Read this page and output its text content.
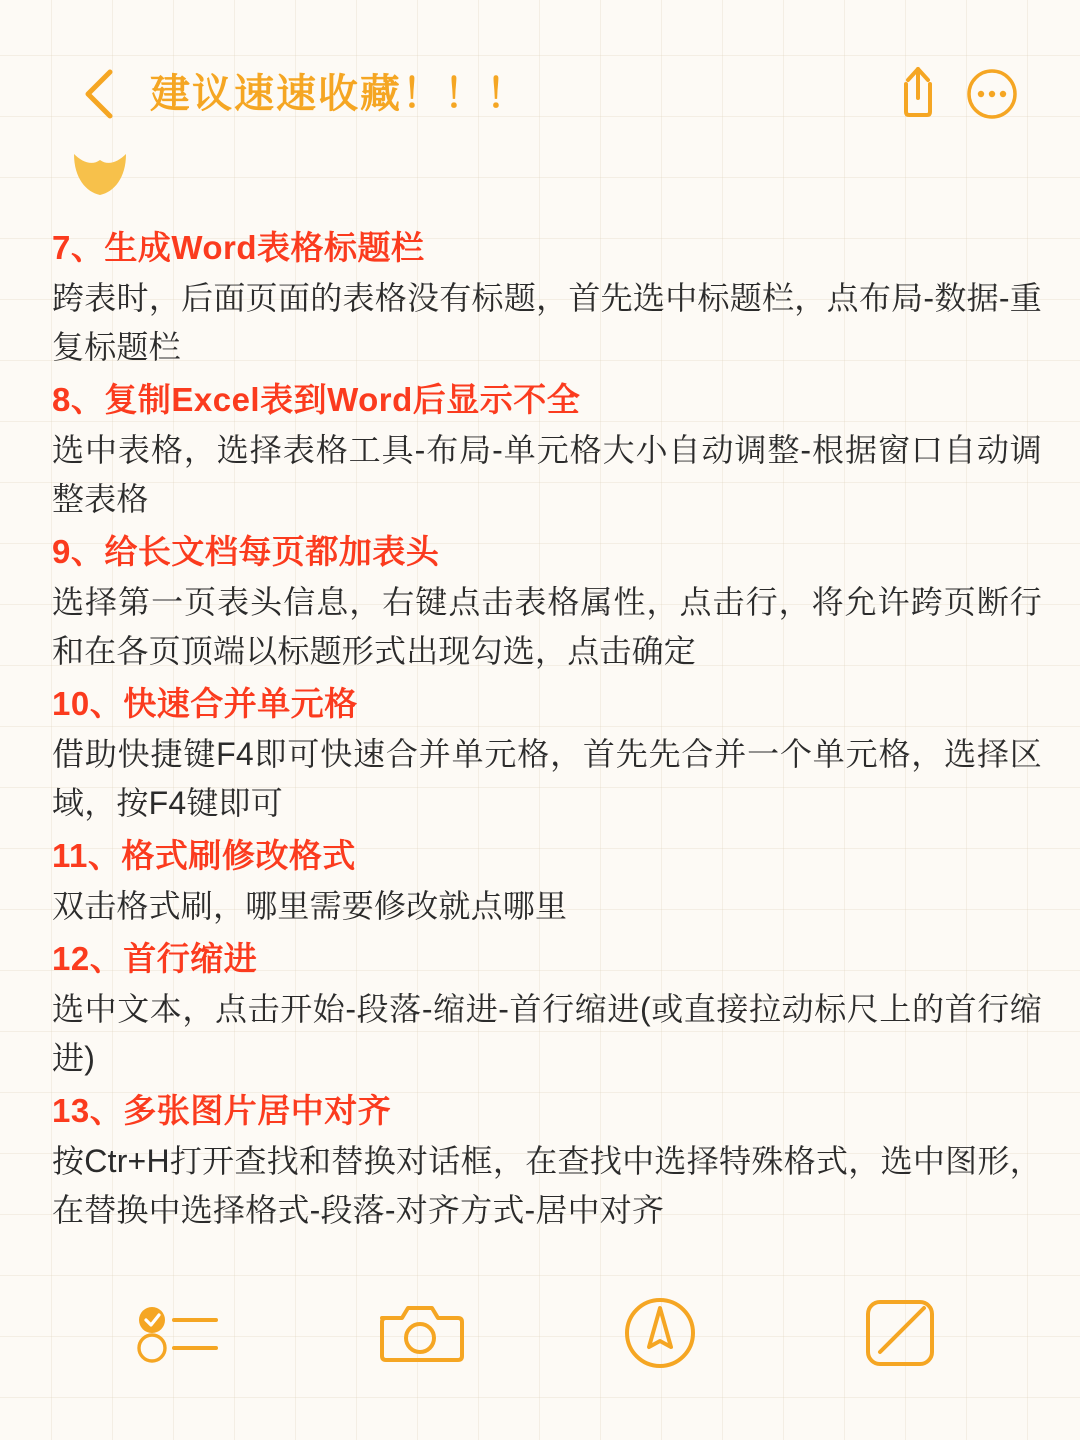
建议速速收藏！！！

7、生成Word表格标题栏

跨表时，后面页面的表格没有标题，首先选中标题栏，点布局-数据-重复标题栏

8、复制Excel表到Word后显示不全

选中表格，选择表格工具-布局-单元格大小自动调整-根据窗口自动调整表格

9、给长文档每页都加表头

选择第一页表头信息，右键点击表格属性，点击行，将允许跨页断行和在各页顶端以标题形式出现勾选，点击确定

10、快速合并单元格

借助快捷键F4即可快速合并单元格，首先先合并一个单元格，选择区域，按F4键即可

11、格式刷修改格式

双击格式刷，哪里需要修改就点哪里

12、首行缩进

选中文本，点击开始-段落-缩进-首行缩进(或直接拉动标尺上的首行缩进)

13、多张图片居中对齐

按Ctr+H打开查找和替换对话框，在查找中选择特殊格式，选中图形，在替换中选择格式-段落-对齐方式-居中对齐
